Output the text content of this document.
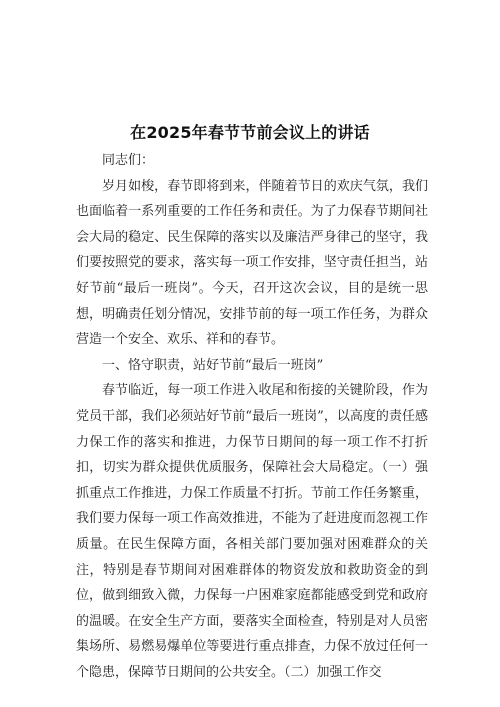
在2025年春节节前会议上的讲话

同志们：

岁月如梭，春节即将到来，伴随着节日的欢庆气氛，我们也面临着一系列重要的工作任务和责任。为了力保春节期间社会大局的稳定、民生保障的落实以及廉洁严身律己的坚守，我们要按照党的要求，落实每一项工作安排，坚守责任担当，站好节前“最后一班岗”。今天，召开这次会议，目的是统一思想，明确责任划分情况，安排节前的每一项工作任务，为群众营造一个安全、欢乐、祥和的春节。

一、恪守职责，站好节前“最后一班岗”

春节临近，每一项工作进入收尾和衔接的关键阶段，作为党员干部，我们必须站好节前“最后一班岗”，以高度的责任感力保工作的落实和推进，力保节日期间的每一项工作不打折扣，切实为群众提供优质服务，保障社会大局稳定。（一）强抓重点工作推进，力保工作质量不打折。节前工作任务繁重，我们要力保每一项工作高效推进，不能为了赶进度而忽视工作质量。在民生保障方面，各相关部门要加强对困难群众的关注，特别是春节期间对困难群体的物资发放和救助资金的到位，做到细致入微，力保每一户困难家庭都能感受到党和政府的温暖。在安全生产方面，要落实全面检查，特别是对人员密集场所、易燃易爆单位等要进行重点排查，力保不放过任何一个隐患，保障节日期间的公共安全。（二）加强工作交
